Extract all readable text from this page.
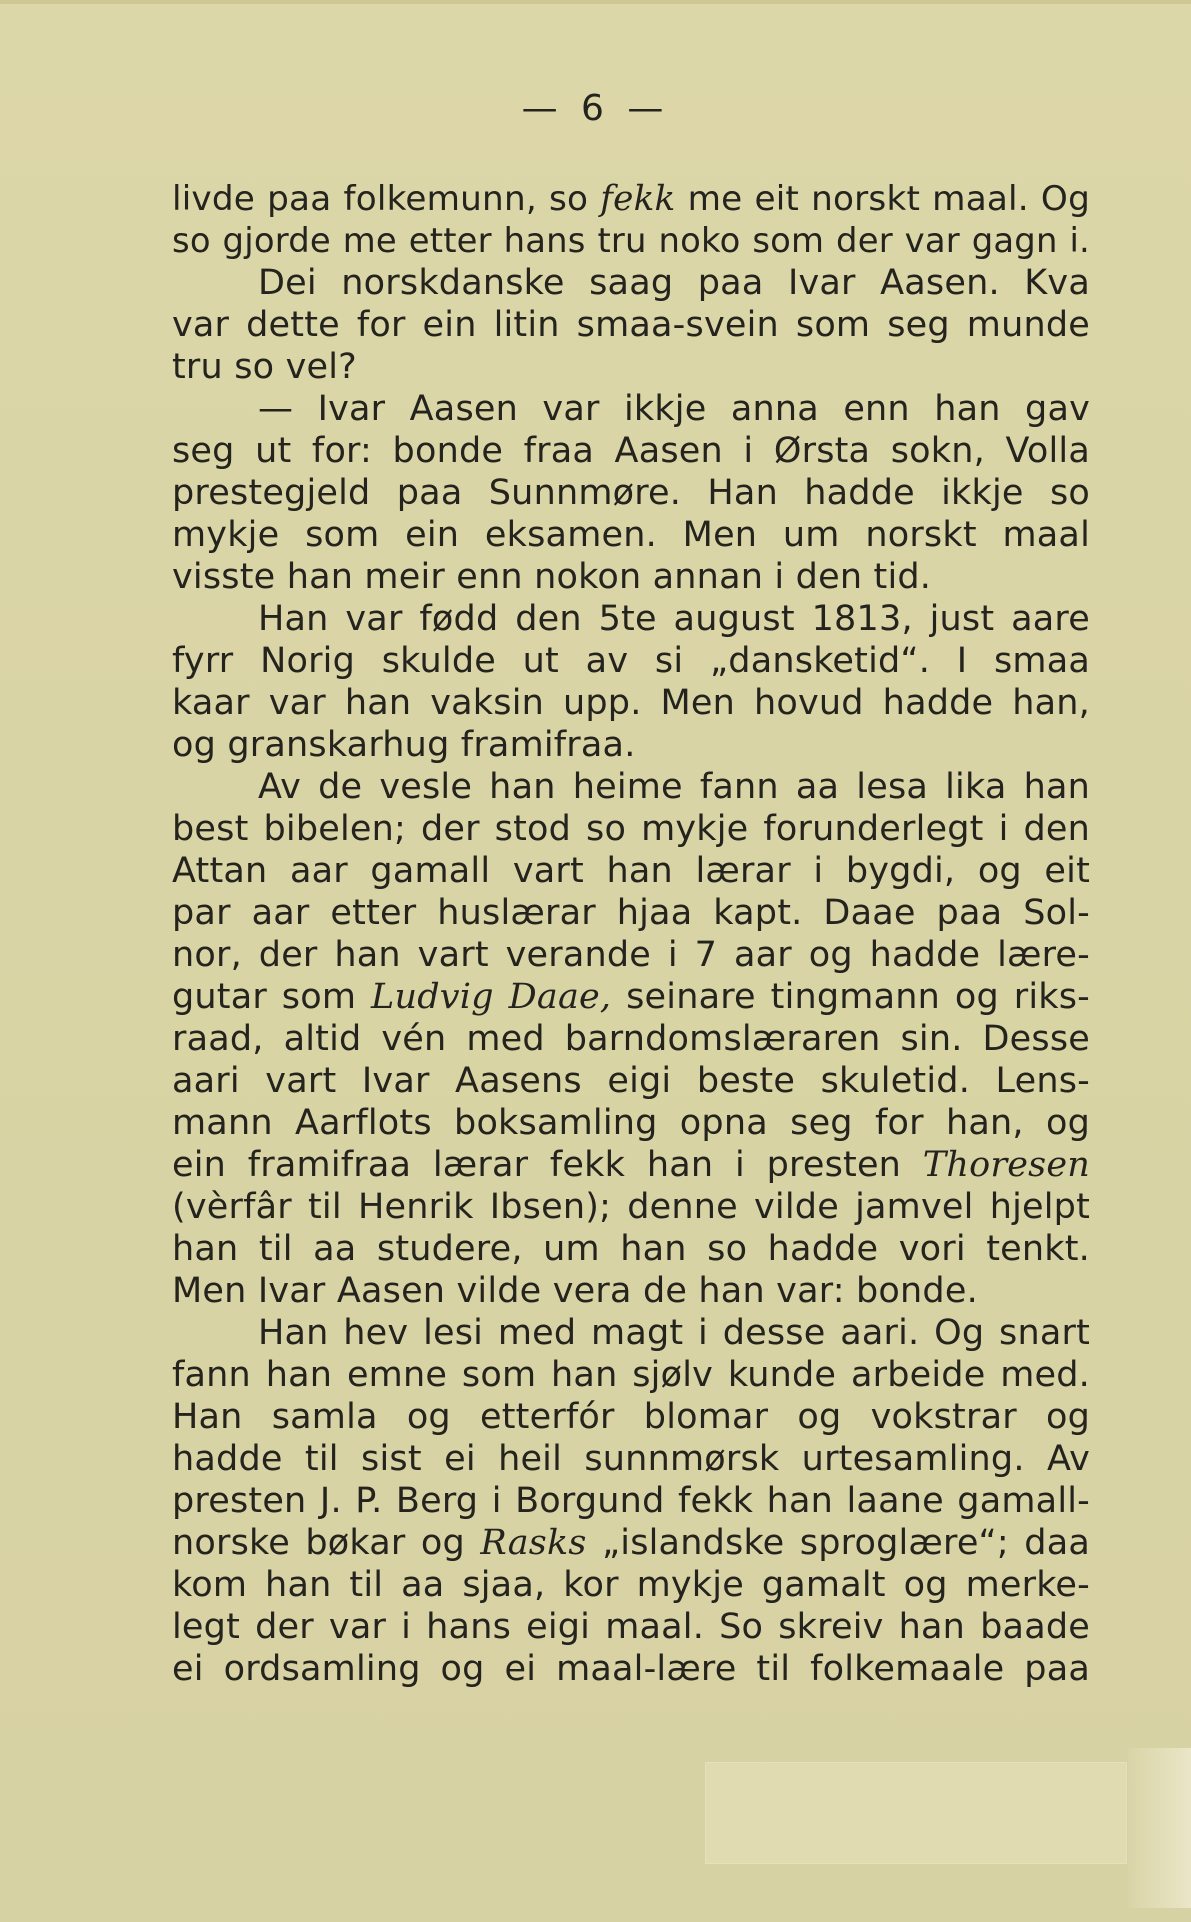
— 6 —
livde paa folkemunn, so fekk me eit norskt maal. Og
so gjorde me etter hans tru noko som der var gagn i.
Dei norskdanske saag paa Ivar Aasen. Kva
var dette for ein litin smaa-svein som seg munde
tru so vel?
— Ivar Aasen var ikkje anna enn han gav
seg ut for: bonde fraa Aasen i Ørsta sokn, Volla
prestegjeld paa Sunnmøre. Han hadde ikkje so
mykje som ein eksamen. Men um norskt maal
visste han meir enn nokon annan i den tid.
Han var fødd den 5te august 1813, just aare
fyrr Norig skulde ut av si „dansketid“. I smaa
kaar var han vaksin upp. Men hovud hadde han,
og granskarhug framifraa.
Av de vesle han heime fann aa lesa lika han
best bibelen; der stod so mykje forunderlegt i den
Attan aar gamall vart han lærar i bygdi, og eit
par aar etter huslærar hjaa kapt. Daae paa Sol-
nor, der han vart verande i 7 aar og hadde lære-
gutar som Ludvig Daae, seinare tingmann og riks-
raad, altid vén med barndomslæraren sin. Desse
aari vart Ivar Aasens eigi beste skuletid. Lens-
mann Aarflots boksamling opna seg for han, og
ein framifraa lærar fekk han i presten Thoresen
(vèrfâr til Henrik Ibsen); denne vilde jamvel hjelpt
han til aa studere, um han so hadde vori tenkt.
Men Ivar Aasen vilde vera de han var: bonde.
Han hev lesi med magt i desse aari. Og snart
fann han emne som han sjølv kunde arbeide med.
Han samla og etterfór blomar og vokstrar og
hadde til sist ei heil sunnmørsk urtesamling. Av
presten J. P. Berg i Borgund fekk han laane gamall-
norske bøkar og Rasks „islandske sproglære“; daa
kom han til aa sjaa, kor mykje gamalt og merke-
legt der var i hans eigi maal. So skreiv han baade
ei ordsamling og ei maal-lære til folkemaale paa
